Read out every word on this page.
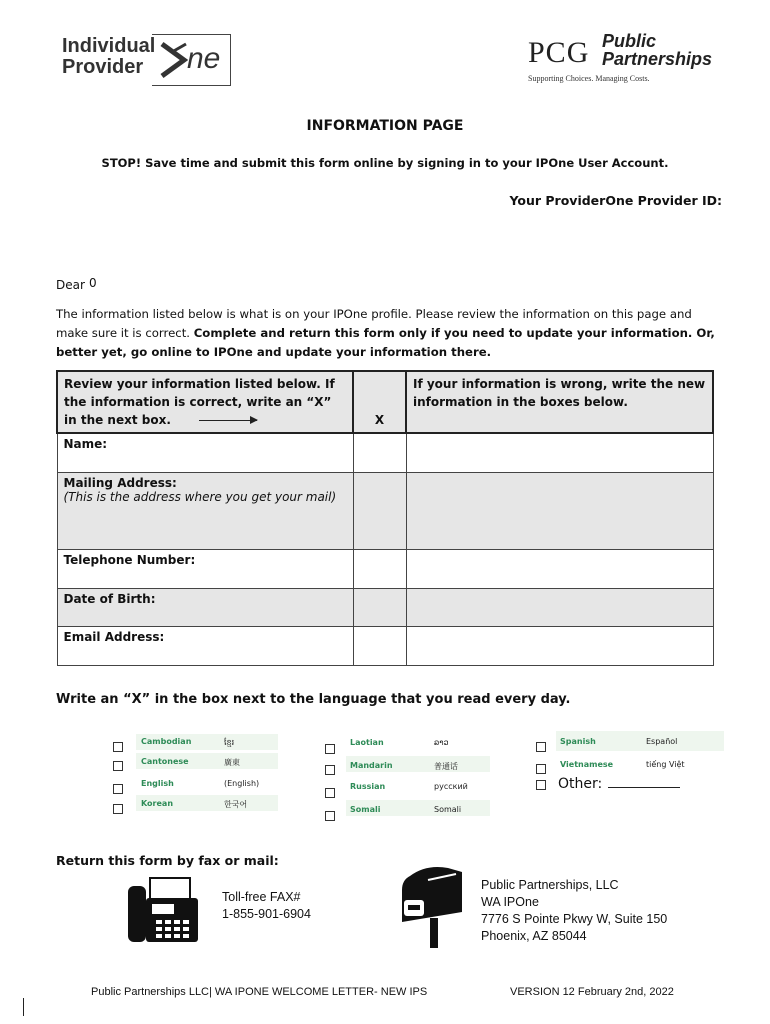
Individual
Provider	ne	PCG Public
Partnerships
Supporting Choices. Managing Costs.
INFORMATION PAGE
STOP! Save time and submit this form online by signing in to your IPOne User Account.
Your ProviderOne Provider ID:
Dear 0
The information listed below is what is on your IPOne profile. Please review the information on this page and make sure it is correct. Complete and return this form only if you need to update your information. Or, better yet, go online to IPOne and update your information there.
Review your information listed below. If the information is correct, write an “X” in the next box.	X	If your information is wrong, write the new information in the boxes below.

Name:		

Mailing Address:
(This is the address where you get your mail)		

Telephone Number:		

Date of Birth:		

Email Address:		

Write an “X” in the box next to the language that you read every day.
Cambodian	ខ្មែរ
Cantonese	廣東
English	(English)
Korean	한국어
Laotian	ລາວ
Mandarin	普通话
Russian	русский
Somali	Somali
Spanish	Español
Vietnamese	tiếng Việt
Other:
Return this form by fax or mail:
Toll-free FAX#
1-855-901-6904
Public Partnerships, LLC
WA IPOne
7776 S Pointe Pkwy W, Suite 150
Phoenix, AZ 85044
Public Partnerships LLC| WA IPONE WELCOME LETTER- NEW IPS	VERSION 12 February 2nd, 2022
